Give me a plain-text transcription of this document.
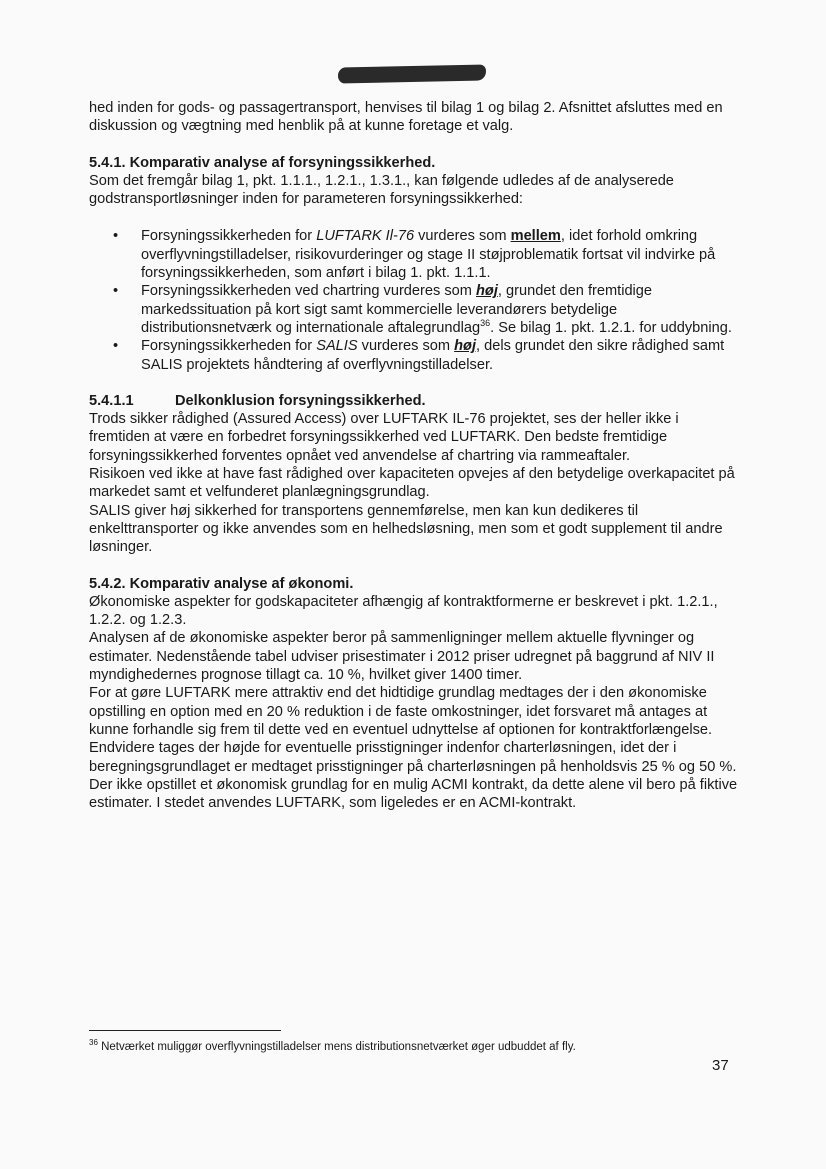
hed inden for gods- og passagertransport, henvises til bilag 1 og bilag 2. Afsnittet afsluttes med en diskussion og vægtning med henblik på at kunne foretage et valg.

5.4.1. Komparativ analyse af forsyningssikkerhed.

Som det fremgår bilag 1, pkt. 1.1.1., 1.2.1., 1.3.1., kan følgende udledes af de analyserede godstransportløsninger inden for parameteren forsyningssikkerhed:

• Forsyningssikkerheden for LUFTARK Il-76 vurderes som mellem, idet forhold omkring overflyvningstilladelser, risikovurderinger og stage II støjproblematik fortsat vil indvirke på forsyningssikkerheden, som anført i bilag 1. pkt. 1.1.1.
• Forsyningssikkerheden ved chartring vurderes som høj, grundet den fremtidige markedssituation på kort sigt samt kommercielle leverandørers betydelige distributionsnetværk og internationale aftalegrundlag$^{36}$. Se bilag 1. pkt. 1.2.1. for uddybning.
• Forsyningssikkerheden for SALIS vurderes som høj, dels grundet den sikre rådighed samt SALIS projektets håndtering af overflyvningstilladelser.
5.4.1.1	Delkonklusion forsyningssikkerhed.

Trods sikker rådighed (Assured Access) over LUFTARK IL-76 projektet, ses der heller ikke i fremtiden at være en forbedret forsyningssikkerhed ved LUFTARK. Den bedste fremtidige forsyningssikkerhed forventes opnået ved anvendelse af chartring via rammeaftaler.

Risikoen ved ikke at have fast rådighed over kapaciteten opvejes af den betydelige overkapacitet på markedet samt et velfunderet planlægningsgrundlag.

SALIS giver høj sikkerhed for transportens gennemførelse, men kan kun dedikeres til enkelttransporter og ikke anvendes som en helhedsløsning, men som et godt supplement til andre løsninger.

5.4.2. Komparativ analyse af økonomi.

Økonomiske aspekter for godskapaciteter afhængig af kontraktformerne er beskrevet i pkt. 1.2.1., 1.2.2. og 1.2.3.

Analysen af de økonomiske aspekter beror på sammenligninger mellem aktuelle flyvninger og estimater. Nedenstående tabel udviser prisestimater i 2012 priser udregnet på baggrund af NIV II myndighedernes prognose tillagt ca. 10 %, hvilket giver 1400 timer.

For at gøre LUFTARK mere attraktiv end det hidtidige grundlag medtages der i den økonomiske opstilling en option med en 20 % reduktion i de faste omkostninger, idet forsvaret må antages at kunne forhandle sig frem til dette ved en eventuel udnyttelse af optionen for kontraktforlængelse. Endvidere tages der højde for eventuelle prisstigninger indenfor charterløsningen, idet der i beregningsgrundlaget er medtaget prisstigninger på charterløsningen på henholdsvis 25 % og 50 %. Der ikke opstillet et økonomisk grundlag for en mulig ACMI kontrakt, da dette alene vil bero på fiktive estimater. I stedet anvendes LUFTARK, som ligeledes er en ACMI-kontrakt.

$^{36}$ Netværket muliggør overflyvningstilladelser mens distributionsnetværket øger udbuddet af fly.
37
